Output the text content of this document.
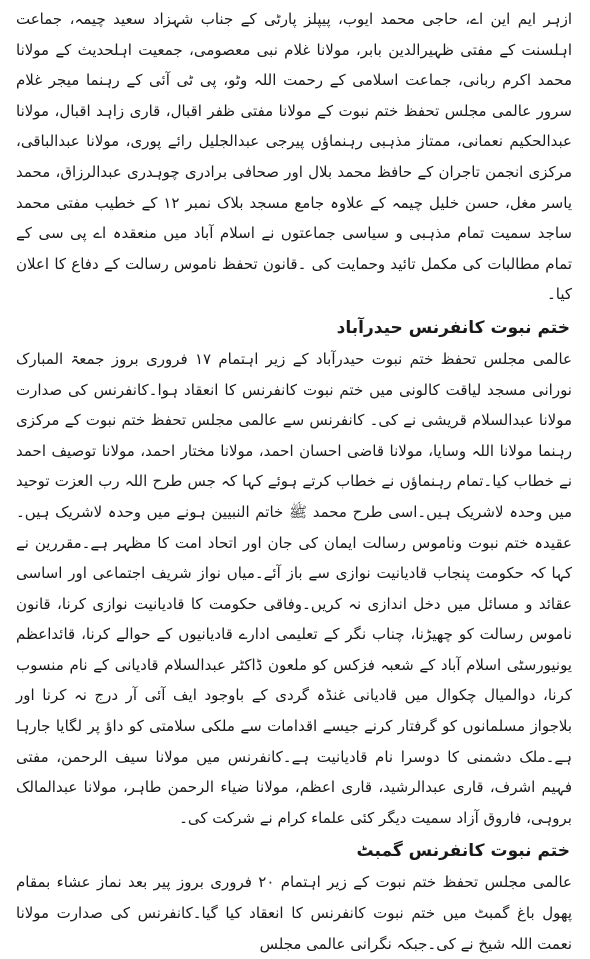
ازہر ایم این اے، حاجی محمد ایوب، پیپلز پارٹی کے جناب شہزاد سعید چیمہ، جماعت اہلسنت کے مفتی ظہیرالدین بابر، مولانا غلام نبی معصومی، جمعیت اہلحدیث کے مولانا محمد اکرم ربانی، جماعت اسلامی کے رحمت اللہ وٹو، پی ٹی آئی کے رہنما میجر غلام سرور عالمی مجلس تحفظ ختم نبوت کے مولانا مفتی ظفر اقبال، قاری زاہد اقبال، مولانا عبدالحکیم نعمانی، ممتاز مذہبی رہنماؤں پیرجی عبدالجلیل رائے پوری، مولانا عبدالباقی، مرکزی انجمن تاجران کے حافظ محمد بلال اور صحافی برادری چوہدری عبدالرزاق، محمد یاسر مغل، حسن خلیل چیمہ کے علاوہ جامع مسجد بلاک نمبر ۱۲ کے خطیب مفتی محمد ساجد سمیت تمام مذہبی و سیاسی جماعتوں نے اسلام آباد میں منعقدہ اے پی سی کے تمام مطالبات کی مکمل تائید وحمایت کی ۔قانون تحفظ ناموس رسالت کے دفاع کا اعلان کیا۔

ختم نبوت کانفرنس حیدرآباد

عالمی مجلس تحفظ ختم نبوت حیدرآباد کے زیر اہتمام ۱۷ فروری بروز جمعۃ المبارک نورانی مسجد لیاقت کالونی میں ختم نبوت کانفرنس کا انعقاد ہوا۔کانفرنس کی صدارت مولانا عبدالسلام قریشی نے کی۔ کانفرنس سے عالمی مجلس تحفظ ختم نبوت کے مرکزی رہنما مولانا اللہ وسایا، مولانا قاضی احسان احمد، مولانا مختار احمد، مولانا توصیف احمد نے خطاب کیا۔تمام رہنماؤں نے خطاب کرتے ہوئے کہا کہ جس طرح اللہ رب العزت توحید میں وحدہ لاشریک ہیں۔اسی طرح محمد ﷺ خاتم النبیین ہونے میں وحدہ لاشریک ہیں۔عقیدہ ختم نبوت وناموس رسالت ایمان کی جان اور اتحاد امت کا مظہر ہے۔مقررین نے کہا کہ حکومت پنجاب قادیانیت نوازی سے باز آئے۔میاں نواز شریف اجتماعی اور اساسی عقائد و مسائل میں دخل اندازی نہ کریں۔وفاقی حکومت کا قادیانیت نوازی کرنا، قانون ناموس رسالت کو چھیڑنا، چناب نگر کے تعلیمی ادارے قادیانیوں کے حوالے کرنا، قائداعظم یونیورسٹی اسلام آباد کے شعبہ فزکس کو ملعون ڈاکٹر عبدالسلام قادیانی کے نام منسوب کرنا، دوالمیال چکوال میں قادیانی غنڈہ گردی کے باوجود ایف آئی آر درج نہ کرنا اور بلاجواز مسلمانوں کو گرفتار کرنے جیسے اقدامات سے ملکی سلامتی کو داؤ پر لگایا جارہا ہے۔ملک دشمنی کا دوسرا نام قادیانیت ہے۔کانفرنس میں مولانا سیف الرحمن، مفتی فہیم اشرف، قاری عبدالرشید، قاری اعظم، مولانا ضیاء الرحمن طاہر، مولانا عبدالمالک بروہی، فاروق آزاد سمیت دیگر کئی علماء کرام نے شرکت کی۔

ختم نبوت کانفرنس گمبٹ

عالمی مجلس تحفظ ختم نبوت کے زیر اہتمام ۲۰ فروری بروز پیر بعد نماز عشاء بمقام پھول باغ گمبٹ میں ختم نبوت کانفرنس کا انعقاد کیا گیا۔کانفرنس کی صدارت مولانا نعمت اللہ شیخ نے کی۔جبکہ نگرانی عالمی مجلس
